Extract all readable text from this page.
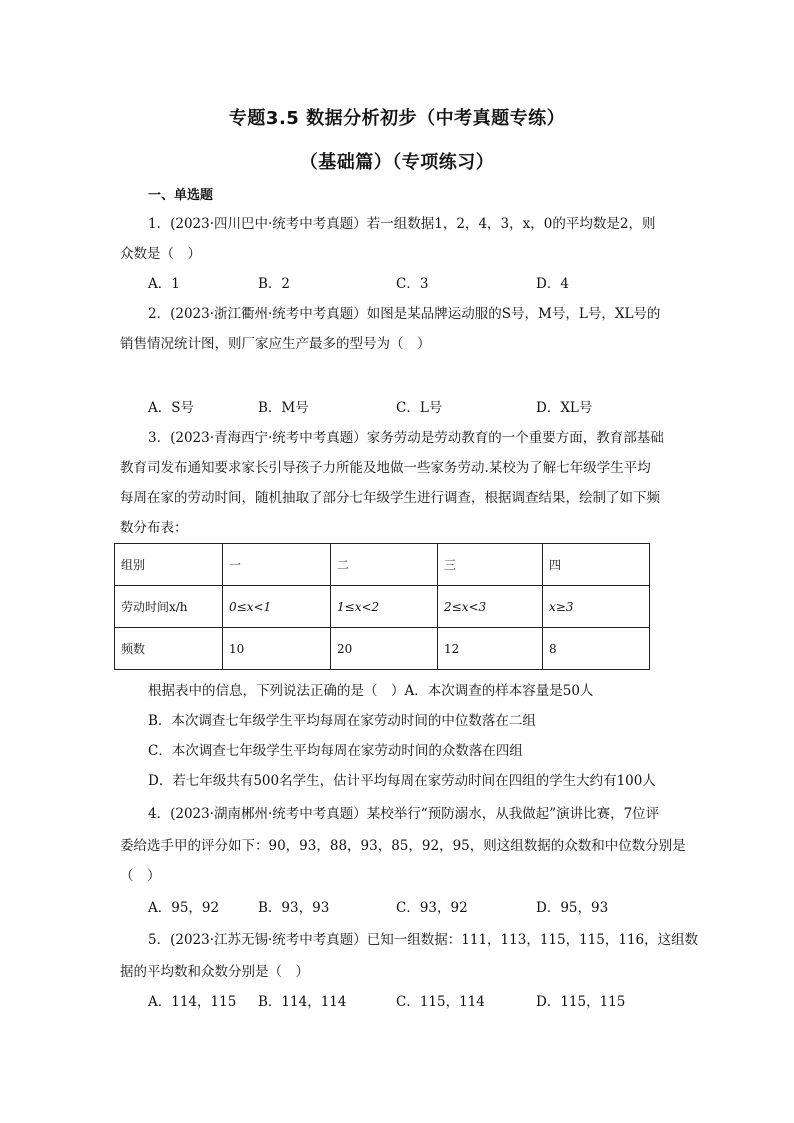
专题3.5 数据分析初步（中考真题专练）
（基础篇）（专项练习）
一、单选题
1．(2023·四川巴中·统考中考真题）若一组数据1，2，4，3，x，0的平均数是2，则
众数是（　）
A．1	B．2	C．3	D．4
2．(2023·浙江衢州·统考中考真题）如图是某品牌运动服的S号，M号，L号，XL号的
销售情况统计图，则厂家应生产最多的型号为（　）
A．S号	B．M号	C．L号	D．XL号
3．(2023·青海西宁·统考中考真题）家务劳动是劳动教育的一个重要方面，教育部基础
教育司发布通知要求家长引导孩子力所能及地做一些家务劳动.某校为了解七年级学生平均
每周在家的劳动时间，随机抽取了部分七年级学生进行调查，根据调查结果，绘制了如下频
数分布表：
组别	一	二	三	四
劳动时间x/h	0≤x<1	1≤x<2	2≤x<3	x≥3
频数	10	20	12	8
根据表中的信息，下列说法正确的是（　）A．本次调查的样本容量是50人
B．本次调查七年级学生平均每周在家劳动时间的中位数落在二组
C．本次调查七年级学生平均每周在家劳动时间的众数落在四组
D．若七年级共有500名学生，估计平均每周在家劳动时间在四组的学生大约有100人
4．(2023·湖南郴州·统考中考真题）某校举行“预防溺水，从我做起”演讲比赛，7位评
委给选手甲的评分如下：90，93，88，93，85，92，95，则这组数据的众数和中位数分别是
（　）
A．95，92	B．93，93	C．93，92	D．95，93
5．(2023·江苏无锡·统考中考真题）已知一组数据：111，113，115，115，116，这组数
据的平均数和众数分别是（　）
A．114，115 B．114，114	C．115，114	D．115，115
